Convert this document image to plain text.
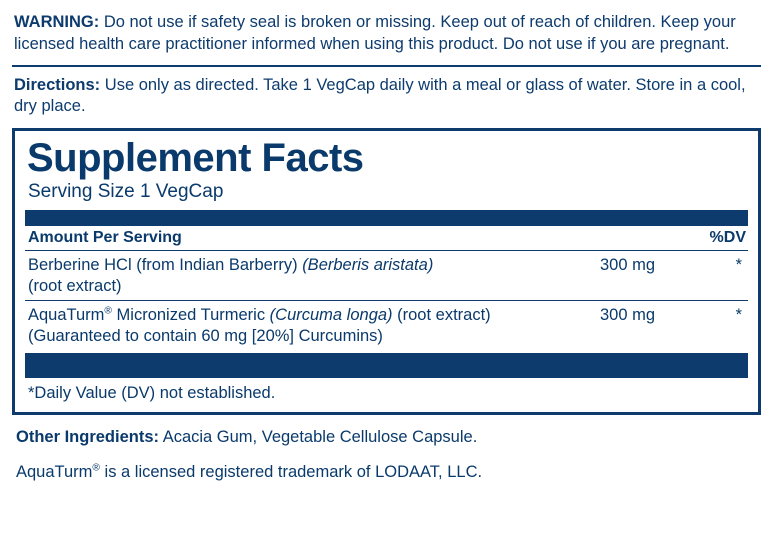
WARNING: Do not use if safety seal is broken or missing. Keep out of reach of children. Keep your licensed health care practitioner informed when using this product. Do not use if you are pregnant.
Directions: Use only as directed. Take 1 VegCap daily with a meal or glass of water. Store in a cool, dry place.
Supplement Facts
Serving Size 1 VegCap
Amount Per Serving	%DV
Berberine HCl (from Indian Barberry) (Berberis aristata)
(root extract)
300 mg	*
AquaTurm® Micronized Turmeric (Curcuma longa) (root extract)
(Guaranteed to contain 60 mg [20%] Curcumins)
300 mg	*
*Daily Value (DV) not established.
Other Ingredients: Acacia Gum, Vegetable Cellulose Capsule.
AquaTurm® is a licensed registered trademark of LODAAT, LLC.
